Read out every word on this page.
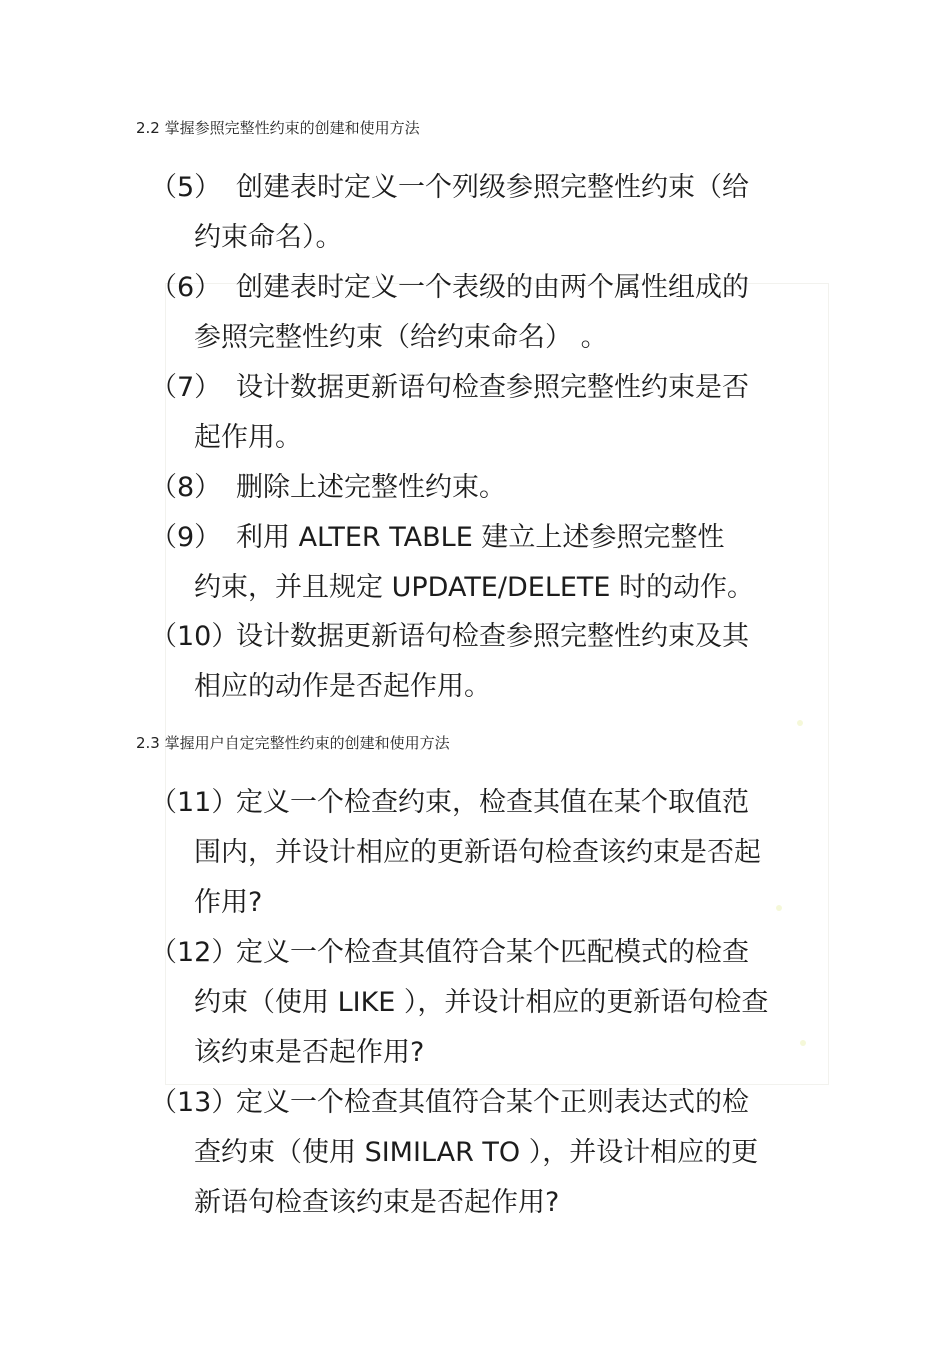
2.2 掌握参照完整性约束的创建和使用方法
（5） 创建表时定义一个列级参照完整性约束（给
约束命名）。
（6） 创建表时定义一个表级的由两个属性组成的
参照完整性约束（给约束命名） 。
（7） 设计数据更新语句检查参照完整性约束是否
起作用。
（8） 删除上述完整性约束。
（9） 利用 ALTER TABLE 建立上述参照完整性
约束，并且规定 UPDATE/DELETE 时的动作。
（10）设计数据更新语句检查参照完整性约束及其
相应的动作是否起作用。
2.3 掌握用户自定完整性约束的创建和使用方法
（11）定义一个检查约束，检查其值在某个取值范
围内，并设计相应的更新语句检查该约束是否起
作用?
（12）定义一个检查其值符合某个匹配模式的检查
约束（使用 LIKE ），并设计相应的更新语句检查
该约束是否起作用?
（13）定义一个检查其值符合某个正则表达式的检
查约束（使用 SIMILAR TO ），并设计相应的更
新语句检查该约束是否起作用?
